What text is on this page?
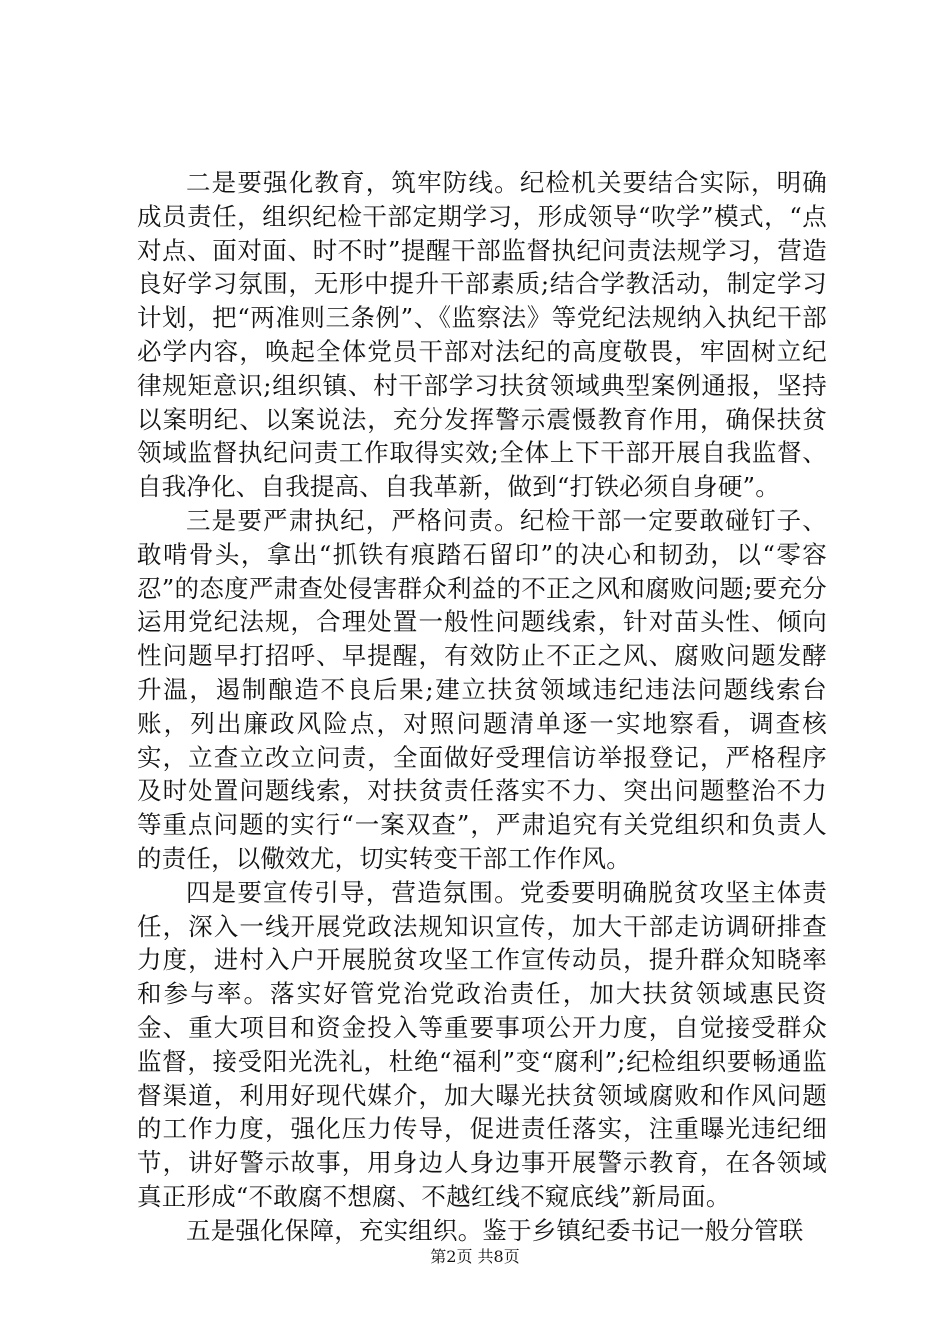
二是要强化教育，筑牢防线。纪检机关要结合实际，明确成员责任，组织纪检干部定期学习，形成领导“吹学”模式，“点对点、面对面、时不时”提醒干部监督执纪问责法规学习，营造良好学习氛围，无形中提升干部素质;结合学教活动，制定学习计划，把“两准则三条例”、《监察法》等党纪法规纳入执纪干部必学内容，唤起全体党员干部对法纪的高度敬畏，牢固树立纪律规矩意识;组织镇、村干部学习扶贫领域典型案例通报，坚持以案明纪、以案说法，充分发挥警示震慑教育作用，确保扶贫领域监督执纪问责工作取得实效;全体上下干部开展自我监督、自我净化、自我提高、自我革新，做到“打铁必须自身硬”。

三是要严肃执纪，严格问责。纪检干部一定要敢碰钉子、敢啃骨头，拿出“抓铁有痕踏石留印”的决心和韧劲，以“零容忍”的态度严肃查处侵害群众利益的不正之风和腐败问题;要充分运用党纪法规，合理处置一般性问题线索，针对苗头性、倾向性问题早打招呼、早提醒，有效防止不正之风、腐败问题发酵升温，遏制酿造不良后果;建立扶贫领域违纪违法问题线索台账，列出廉政风险点，对照问题清单逐一实地察看，调查核实，立查立改立问责，全面做好受理信访举报登记，严格程序及时处置问题线索，对扶贫责任落实不力、突出问题整治不力等重点问题的实行“一案双查”，严肃追究有关党组织和负责人的责任，以儆效尤，切实转变干部工作作风。

四是要宣传引导，营造氛围。党委要明确脱贫攻坚主体责任，深入一线开展党政法规知识宣传，加大干部走访调研排查力度，进村入户开展脱贫攻坚工作宣传动员，提升群众知晓率和参与率。落实好管党治党政治责任，加大扶贫领域惠民资金、重大项目和资金投入等重要事项公开力度，自觉接受群众监督，接受阳光洗礼，杜绝“福利”变“腐利”;纪检组织要畅通监督渠道，利用好现代媒介，加大曝光扶贫领域腐败和作风问题的工作力度，强化压力传导，促进责任落实，注重曝光违纪细节，讲好警示故事，用身边人身边事开展警示教育，在各领域真正形成“不敢腐不想腐、不越红线不窥底线”新局面。

五是强化保障，充实组织。鉴于乡镇纪委书记一般分管联

第2页 共8页
